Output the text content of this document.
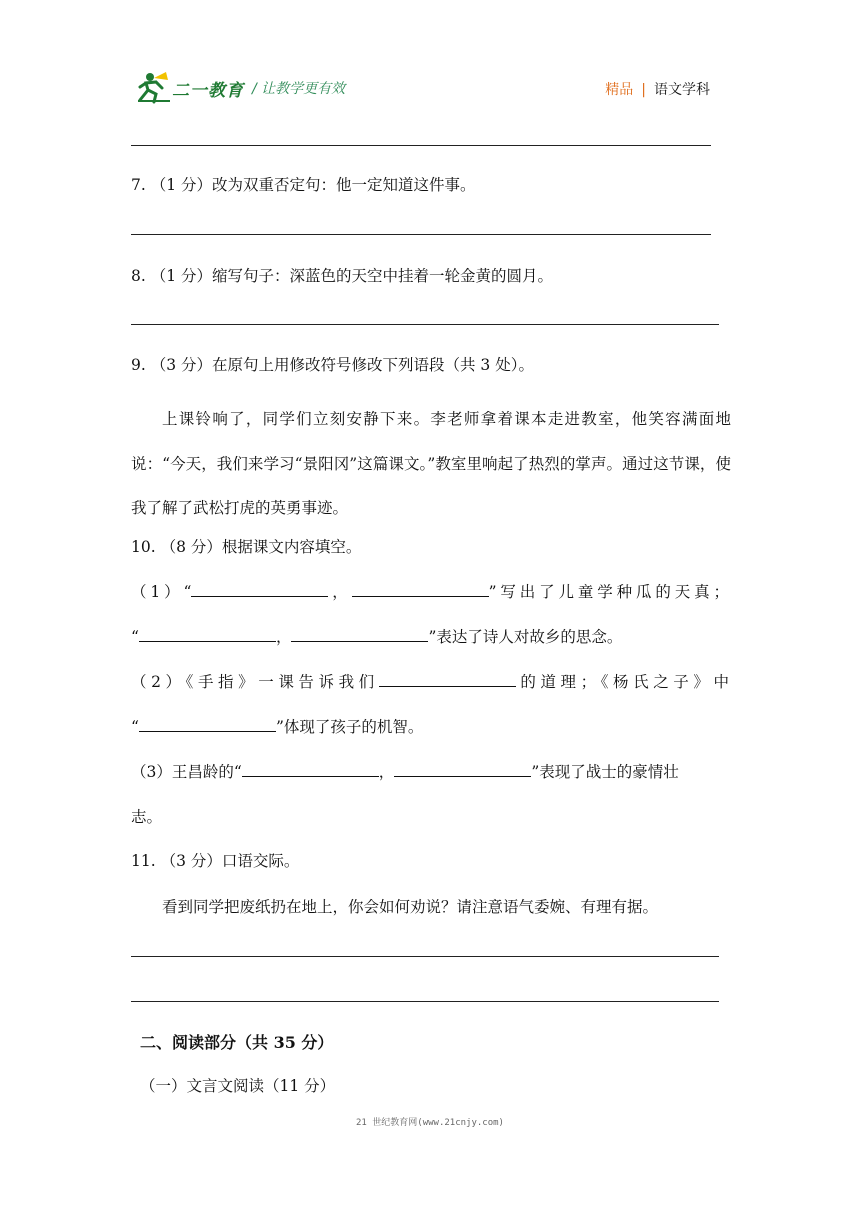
二一教育 / 让教学更有效	精品 | 语文学科
7. （1 分）改为双重否定句：他一定知道这件事。
8. （1 分）缩写句子：深蓝色的天空中挂着一轮金黄的圆月。
9. （3 分）在原句上用修改符号修改下列语段（共 3 处）。
上课铃响了，同学们立刻安静下来。李老师拿着课本走进教室，他笑容满面地说：“今天，我们来学习“景阳冈”这篇课文。”教室里响起了热烈的掌声。通过这节课，使我了解了武松打虎的英勇事迹。
10. （8 分）根据课文内容填空。
（1）“	，	”写出了儿童学种瓜的天真；
“	，	”表达了诗人对故乡的思念。
（2）《手指》一课告诉我们	的道理；《杨氏之子》中
“	”体现了孩子的机智。
（3）王昌龄的“	，	”表现了战士的豪情壮
志。
11. （3 分）口语交际。
看到同学把废纸扔在地上，你会如何劝说？请注意语气委婉、有理有据。
二、阅读部分（共 35 分）
（一）文言文阅读（11 分）
21 世纪教育网(www.21cnjy.com)
